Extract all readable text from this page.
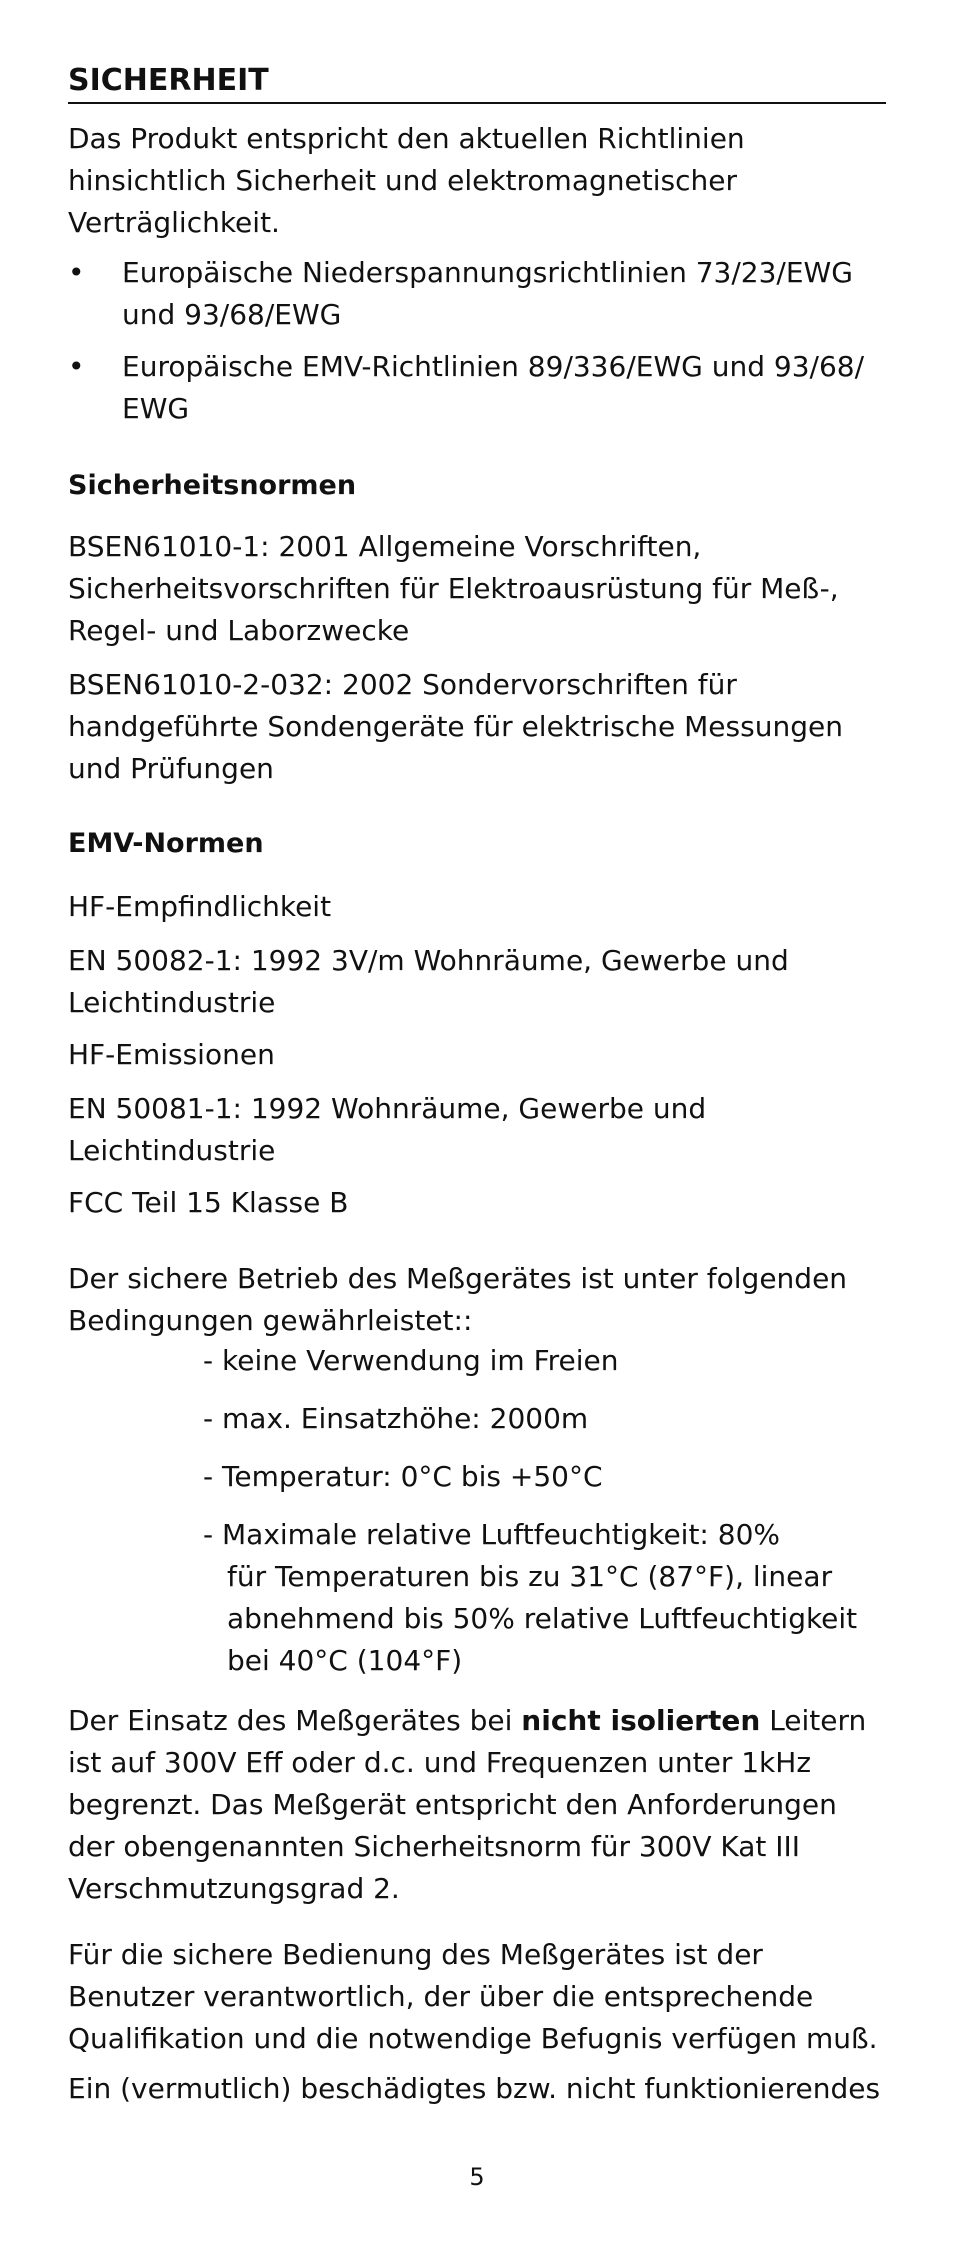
SICHERHEIT

Das Produkt entspricht den aktuellen Richtlinien hinsichtlich Sicherheit und elektromagnetischer Verträglichkeit.

• Europäische Niederspannungsrichtlinien 73/23/EWG und 93/68/EWG
• Europäische EMV-Richtlinien 89/336/EWG und 93/68/ EWG

Sicherheitsnormen

BSEN61010-1: 2001 Allgemeine Vorschriften, Sicherheitsvorschriften für Elektroausrüstung für Meß-, Regel- und Laborzwecke

BSEN61010-2-032: 2002 Sondervorschriften für handgeführte Sondengeräte für elektrische Messungen und Prüfungen

EMV-Normen

HF-Empfindlichkeit

EN 50082-1: 1992 3V/m Wohnräume, Gewerbe und Leichtindustrie

HF-Emissionen

EN 50081-1: 1992 Wohnräume, Gewerbe und Leichtindustrie

FCC Teil 15 Klasse B

Der sichere Betrieb des Meßgerätes ist unter folgenden Bedingungen gewährleistet::

- keine Verwendung im Freien

- max. Einsatzhöhe: 2000m

- Temperatur: 0°C bis +50°C

- Maximale relative Luftfeuchtigkeit: 80%
für Temperaturen bis zu 31°C (87°F), linear abnehmend bis 50% relative Luftfeuchtigkeit bei 40°C (104°F)

Der Einsatz des Meßgerätes bei nicht isolierten Leitern ist auf 300V Eff oder d.c. und Frequenzen unter 1kHz begrenzt. Das Meßgerät entspricht den Anforderungen der obengenannten Sicherheitsnorm für 300V Kat III Verschmutzungsgrad 2.

Für die sichere Bedienung des Meßgerätes ist der Benutzer verantwortlich, der über die entsprechende Qualifikation und die notwendige Befugnis verfügen muß.

Ein (vermutlich) beschädigtes bzw. nicht funktionierendes

5
